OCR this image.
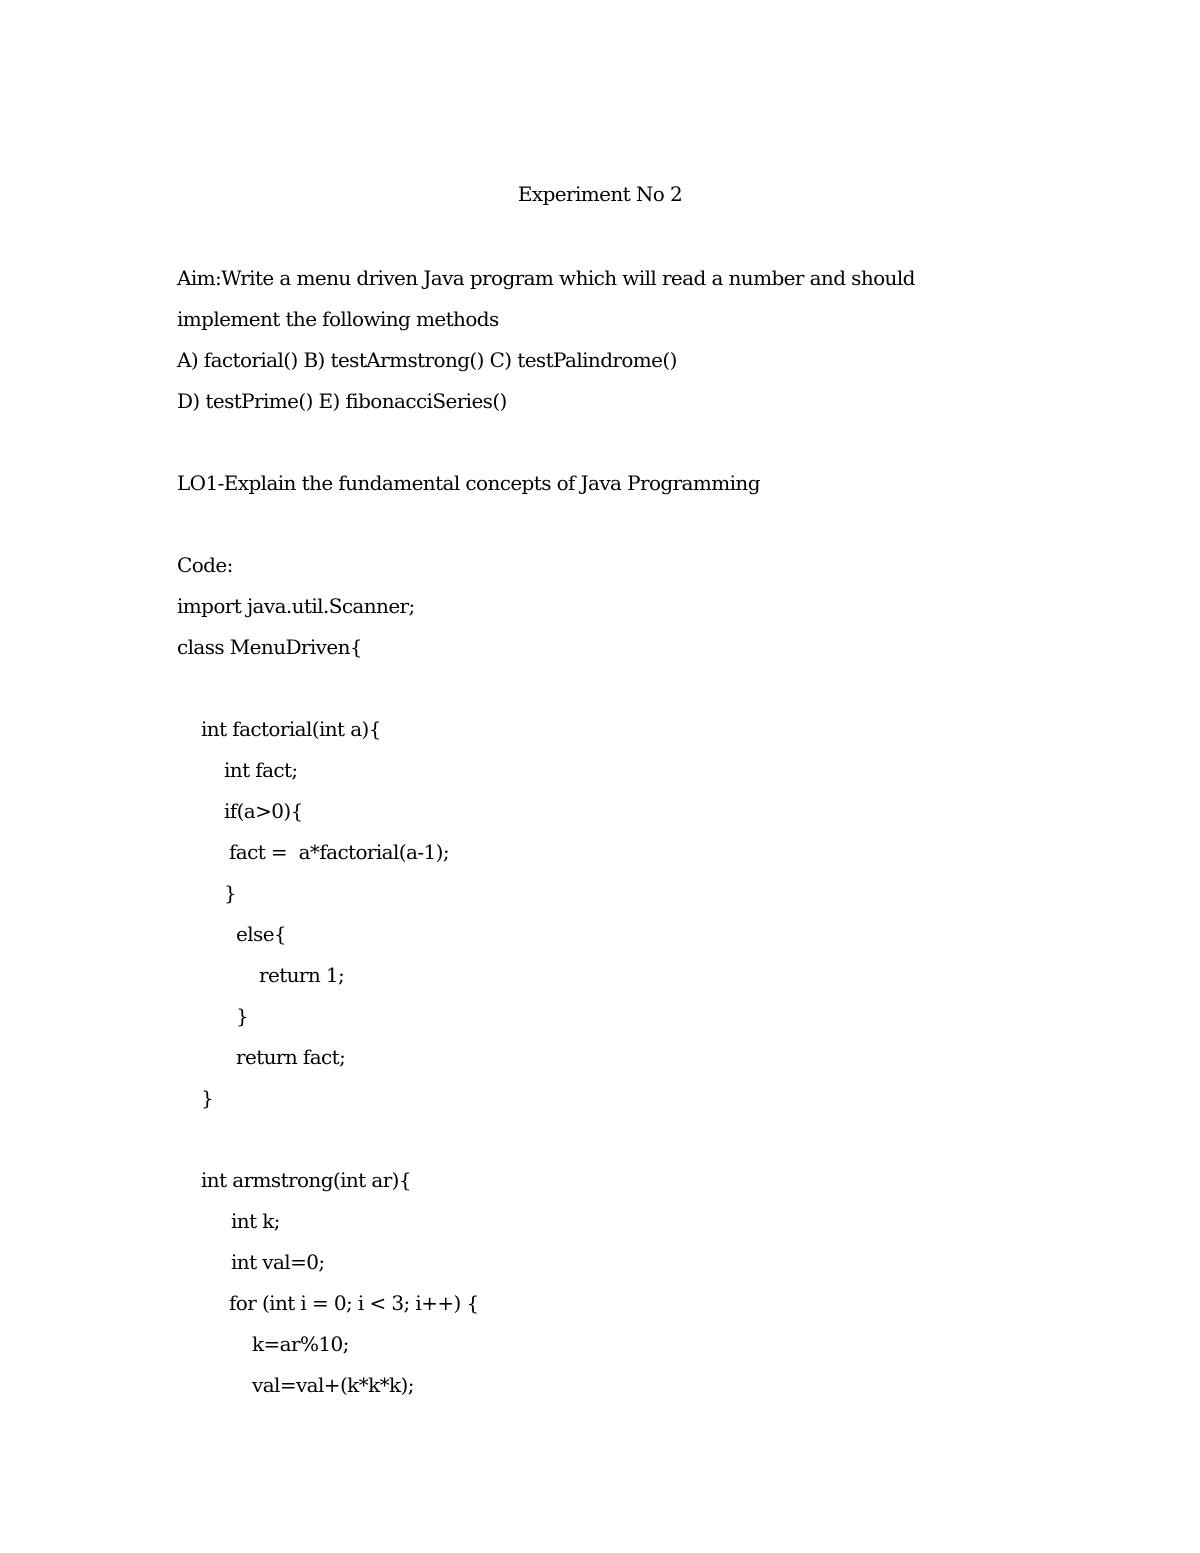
Experiment No 2
Aim:Write a menu driven Java program which will read a number and should
implement the following methods
A) factorial() B) testArmstrong() C) testPalindrome()
D) testPrime() E) fibonacciSeries()
LO1-Explain the fundamental concepts of Java Programming
Code:
import java.util.Scanner;
class MenuDriven{
int factorial(int a){
int fact;
if(a>0){
fact =  a*factorial(a-1);
}
else{
return 1;
}
return fact;
}
int armstrong(int ar){
int k;
int val=0;
for (int i = 0; i < 3; i++) {
k=ar%10;
val=val+(k*k*k);
